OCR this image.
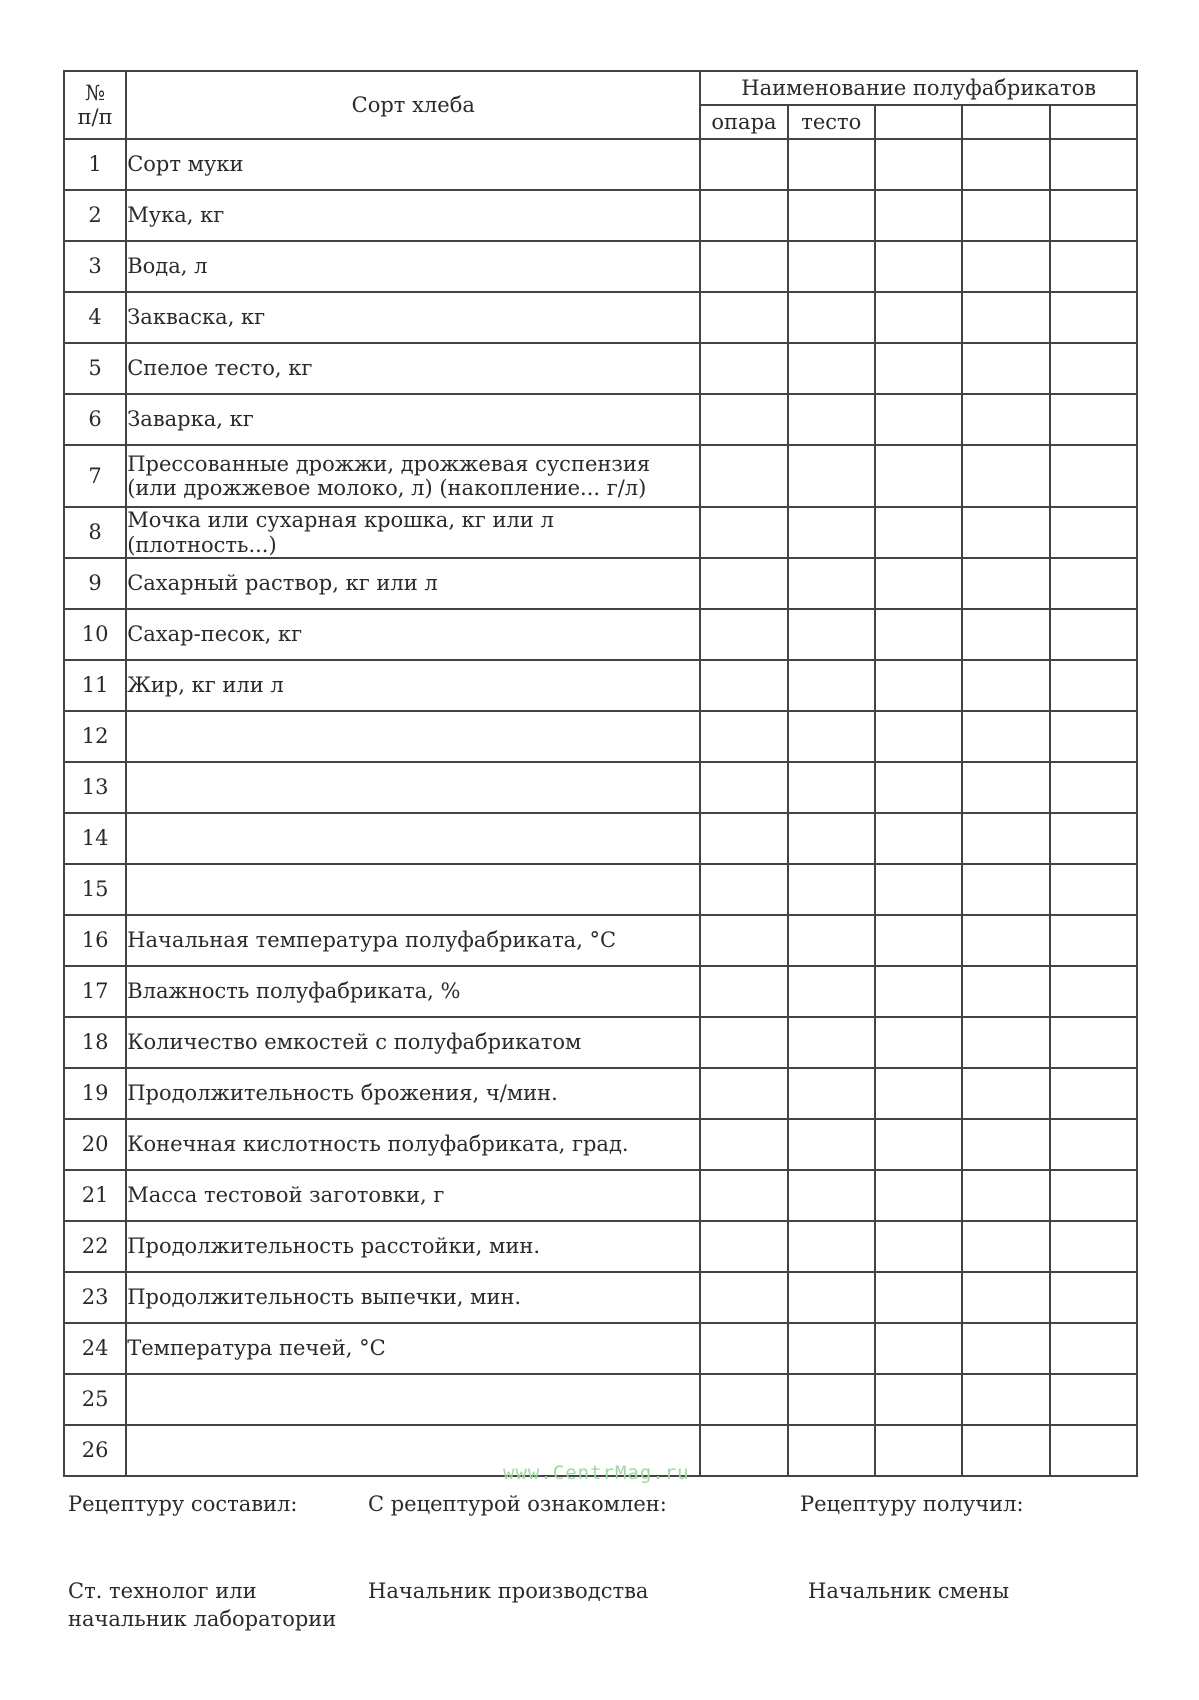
№
п/п	Сорт хлеба	Наименование полуфабрикатов				
		опара	тесто			
1	Сорт муки					
2	Мука, кг					
3	Вода, л					
4	Закваска, кг					
5	Спелое тесто, кг					
6	Заварка, кг					
7	Прессованные дрожжи, дрожжевая суспензия
(или дрожжевое молоко, л) (накопление... г/л)					
8	Мочка или сухарная крошка, кг или л (плотность...)					
9	Сахарный раствор, кг или л					
10	Сахар-песок, кг					
11	Жир, кг или л					
12						
13						
14						
15						
16	Начальная температура полуфабриката, °С					
17	Влажность полуфабриката, %					
18	Количество емкостей с полуфабрикатом					
19	Продолжительность брожения, ч/мин.					
20	Конечная кислотность полуфабриката, град.					
21	Масса тестовой заготовки, г					
22	Продолжительность расстойки, мин.					
23	Продолжительность выпечки, мин.					
24	Температура печей, °С					
25						
26						
www.CentrMag.ru
Рецептуру составил:	С рецептурой ознакомлен:	Рецептуру получил:
Ст. технолог или
начальник лаборатории
Начальник производства	Начальник смены
